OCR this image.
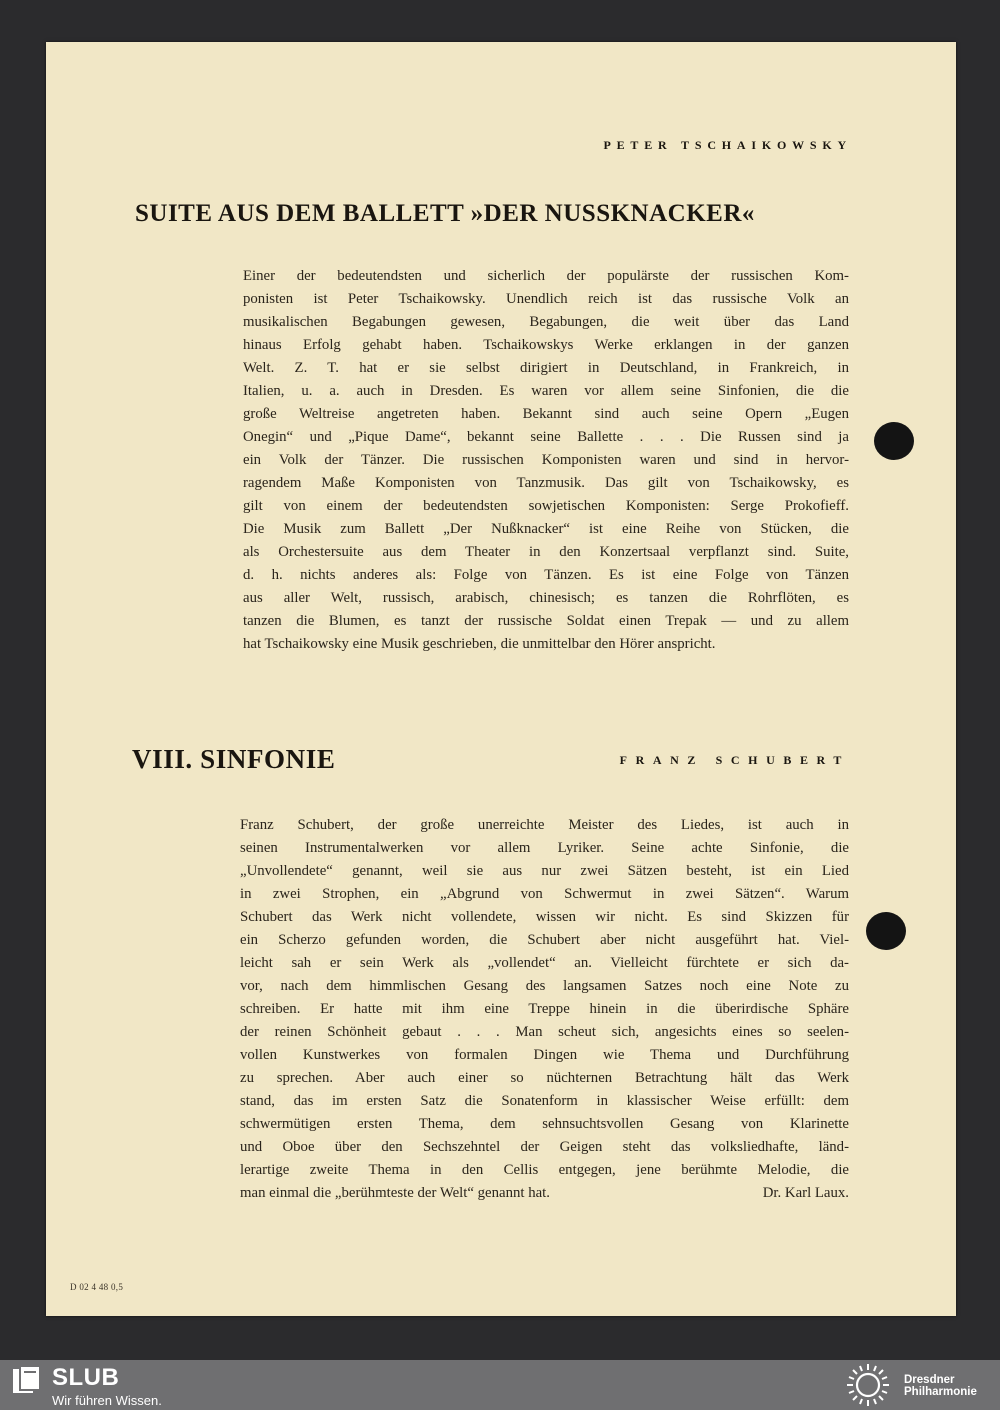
PETER TSCHAIKOWSKY
SUITE AUS DEM BALLETT »DER NUSSKNACKER«
Einer der bedeutendsten und sicherlich der populärste der russischen Kom-
ponisten ist Peter Tschaikowsky. Unendlich reich ist das russische Volk an
musikalischen Begabungen gewesen, Begabungen, die weit über das Land
hinaus Erfolg gehabt haben. Tschaikowskys Werke erklangen in der ganzen
Welt. Z. T. hat er sie selbst dirigiert in Deutschland, in Frankreich, in
Italien, u. a. auch in Dresden. Es waren vor allem seine Sinfonien, die die
große Weltreise angetreten haben. Bekannt sind auch seine Opern „Eugen
Onegin“ und „Pique Dame“, bekannt seine Ballette . . . Die Russen sind ja
ein Volk der Tänzer. Die russischen Komponisten waren und sind in hervor-
ragendem Maße Komponisten von Tanzmusik. Das gilt von Tschaikowsky, es
gilt von einem der bedeutendsten sowjetischen Komponisten: Serge Prokofieff.
Die Musik zum Ballett „Der Nußknacker“ ist eine Reihe von Stücken, die
als Orchestersuite aus dem Theater in den Konzertsaal verpflanzt sind. Suite,
d. h. nichts anderes als: Folge von Tänzen. Es ist eine Folge von Tänzen
aus aller Welt, russisch, arabisch, chinesisch; es tanzen die Rohrflöten, es
tanzen die Blumen, es tanzt der russische Soldat einen Trepak — und zu allem
hat Tschaikowsky eine Musik geschrieben, die unmittelbar den Hörer anspricht.
VIII. SINFONIE	FRANZ SCHUBERT
Franz Schubert, der große unerreichte Meister des Liedes, ist auch in
seinen Instrumentalwerken vor allem Lyriker. Seine achte Sinfonie, die
„Unvollendete“ genannt, weil sie aus nur zwei Sätzen besteht, ist ein Lied
in zwei Strophen, ein „Abgrund von Schwermut in zwei Sätzen“. Warum
Schubert das Werk nicht vollendete, wissen wir nicht. Es sind Skizzen für
ein Scherzo gefunden worden, die Schubert aber nicht ausgeführt hat. Viel-
leicht sah er sein Werk als „vollendet“ an. Vielleicht fürchtete er sich da-
vor, nach dem himmlischen Gesang des langsamen Satzes noch eine Note zu
schreiben. Er hatte mit ihm eine Treppe hinein in die überirdische Sphäre
der reinen Schönheit gebaut . . . Man scheut sich, angesichts eines so seelen-
vollen Kunstwerkes von formalen Dingen wie Thema und Durchführung
zu sprechen. Aber auch einer so nüchternen Betrachtung hält das Werk
stand, das im ersten Satz die Sonatenform in klassischer Weise erfüllt: dem
schwermütigen ersten Thema, dem sehnsuchtsvollen Gesang von Klarinette
und Oboe über den Sechszehntel der Geigen steht das volksliedhafte, länd-
lerartige zweite Thema in den Cellis entgegen, jene berühmte Melodie, die
man einmal die „berühmteste der Welt“ genannt hat.	Dr. Karl Laux.
D 02 4 48 0,5
SLUB
Wir führen Wissen.
Dresdner
Philharmonie
